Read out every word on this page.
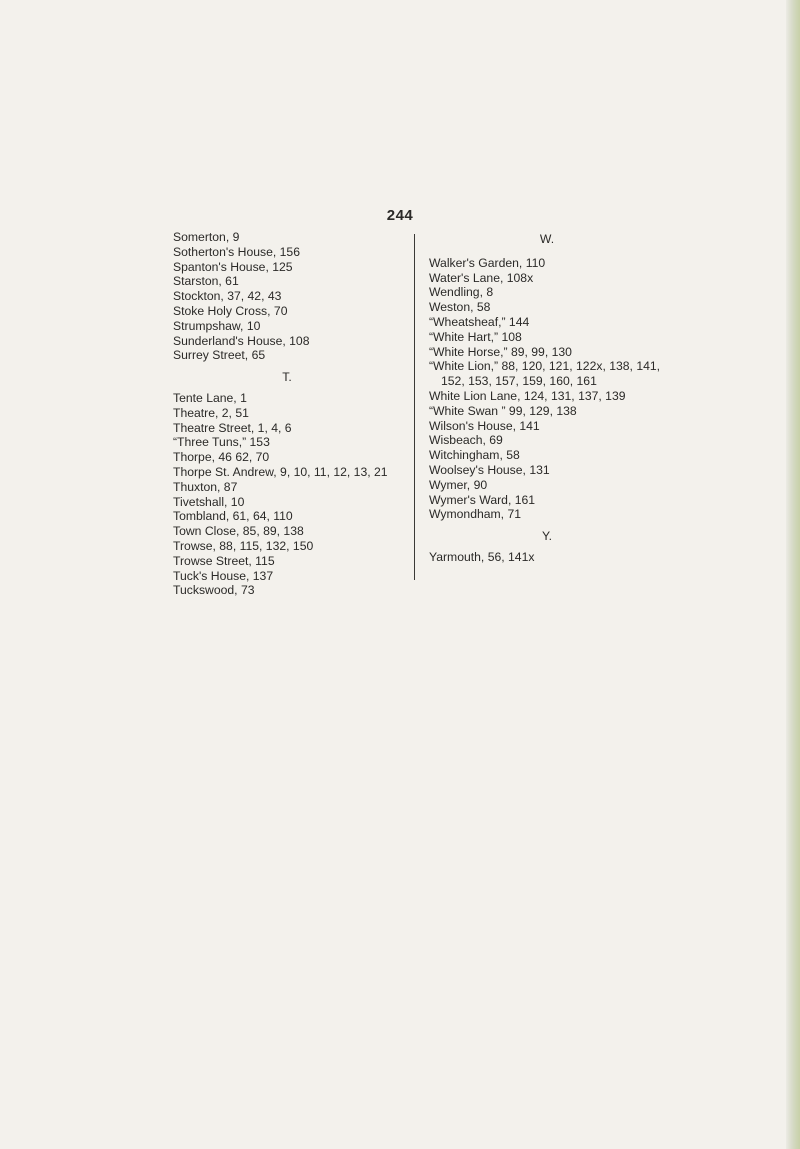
244
Somerton, 9
Sotherton's House, 156
Spanton's House, 125
Starston, 61
Stockton, 37, 42, 43
Stoke Holy Cross, 70
Strumpshaw, 10
Sunderland's House, 108
Surrey Street, 65
T.
Tente Lane, 1
Theatre, 2, 51
Theatre Street, 1, 4, 6
“Three Tuns,” 153
Thorpe, 46 62, 70
Thorpe St. Andrew, 9, 10, 11, 12, 13, 21
Thuxton, 87
Tivetshall, 10
Tombland, 61, 64, 110
Town Close, 85, 89, 138
Trowse, 88, 115, 132, 150
Trowse Street, 115
Tuck's House, 137
Tuckswood, 73
W.
Walker's Garden, 110
Water's Lane, 108x
Wendling, 8
Weston, 58
“Wheatsheaf,” 144
“White Hart,” 108
“White Horse,” 89, 99, 130
“White Lion,” 88, 120, 121, 122x, 138, 141, 152, 153, 157, 159, 160, 161
White Lion Lane, 124, 131, 137, 139
“White Swan ” 99, 129, 138
Wilson's House, 141
Wisbeach, 69
Witchingham, 58
Woolsey's House, 131
Wymer, 90
Wymer's Ward, 161
Wymondham, 71
Y.
Yarmouth, 56, 141x
